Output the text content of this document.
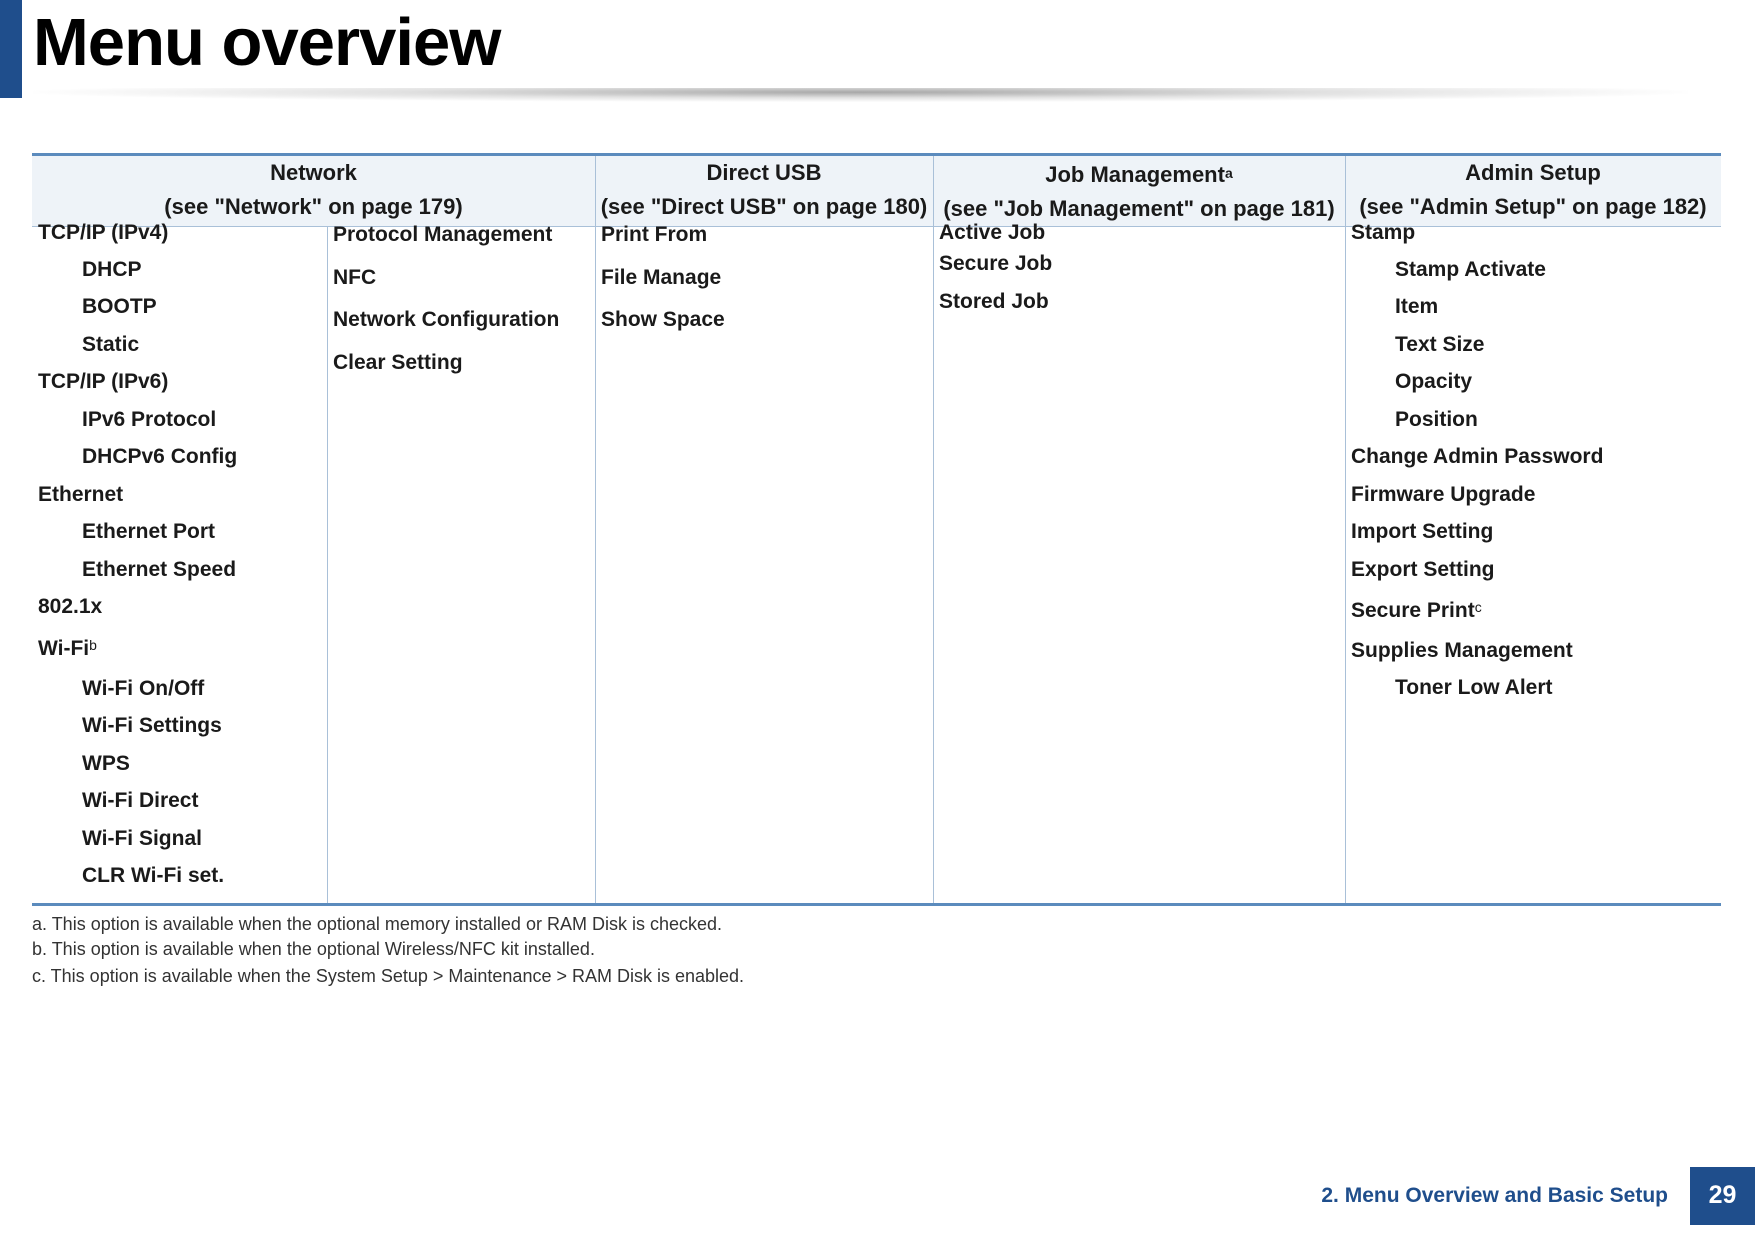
Menu overview
Network
(see "Network" on page 179)
Direct USB
(see "Direct USB" on page 180)
Job Management$^a$
(see "Job Management" on page 181)
Admin Setup
(see "Admin Setup" on page 182)
TCP/IP (IPv4)
DHCP
BOOTP
Static
TCP/IP (IPv6)
IPv6 Protocol
DHCPv6 Config
Ethernet
Ethernet Port
Ethernet Speed
802.1x
Wi-Fi$^b$
Wi-Fi On/Off
Wi-Fi Settings
WPS
Wi-Fi Direct
Wi-Fi Signal
CLR Wi-Fi set.
Protocol Management
NFC
Network Configuration
Clear Setting
Print From
File Manage
Show Space
Active Job
Secure Job
Stored Job
Stamp
Stamp Activate
Item
Text Size
Opacity
Position
Change Admin Password
Firmware Upgrade
Import Setting
Export Setting
Secure Print$^c$
Supplies Management
Toner Low Alert
a. This option is available when the optional memory installed or RAM Disk is checked.
b. This option is available when the optional Wireless/NFC kit installed.
c. This option is available when the System Setup > Maintenance > RAM Disk is enabled.
2. Menu Overview and Basic Setup	29
